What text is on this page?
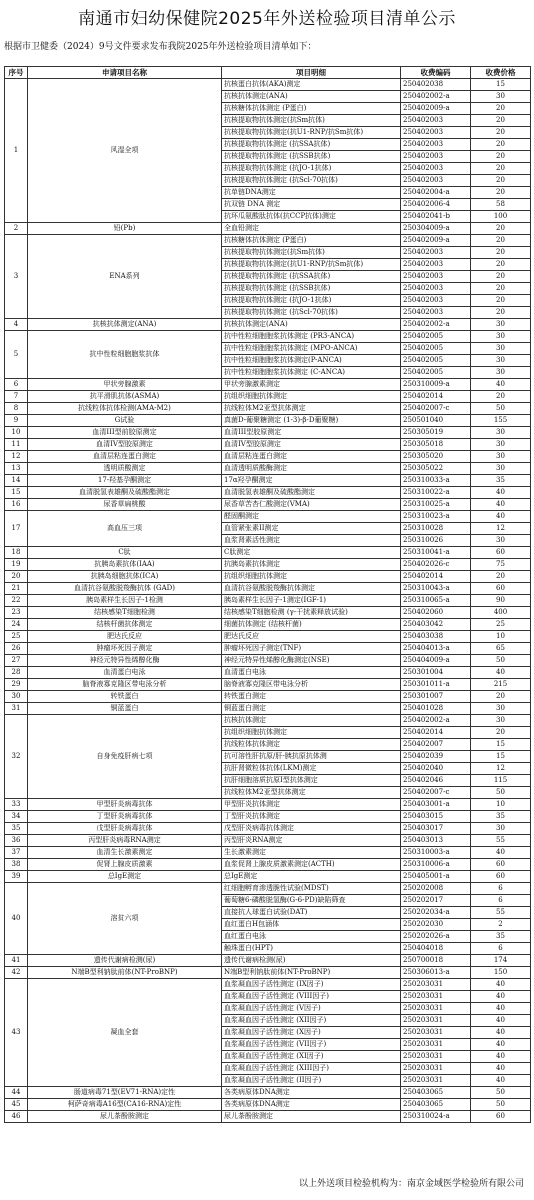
南通市妇幼保健院2025年外送检验项目清单公示
根据市卫健委（2024）9号文件要求发布我院2025年外送检验项目清单如下：
序号	申请项目名称	项目明细	收费编码	收费价格
1	风湿全项	抗核蛋白抗体(AKA)测定	250402038	15
		抗核抗体测定(ANA)	250402002-a	30
		抗核糖体抗体测定 (P蛋白)	250402009-a	20
		抗核提取物抗体测定(抗Sm抗体)	250402003	20
		抗核提取物抗体测定(抗U1-RNP/抗Sm抗体)	250402003	20
		抗核提取物抗体测定 (抗SSA抗体)	250402003	20
		抗核提取物抗体测定 (抗SSB抗体)	250402003	20
		抗核提取物抗体测定 (抗JO-1抗体)	250402003	20
		抗核提取物抗体测定 (抗Scl-70抗体)	250402003	20
		抗单链DNA测定	250402004-a	20
		抗双链 DNA 测定	250402006-4	58
		抗环瓜氨酸肽抗体(抗CCP抗体)测定	250402041-b	100
2	铅(Pb)	全血铅测定	250304009-a	20
3	ENA系列	抗核糖体抗体测定 (P蛋白)	250402009-a	20
		抗核提取物抗体测定(抗Sm抗体)	250402003	20
		抗核提取物抗体测定(抗U1-RNP/抗Sm抗体)	250402003	20
		抗核提取物抗体测定 (抗SSA抗体)	250402003	20
		抗核提取物抗体测定 (抗SSB抗体)	250402003	20
		抗核提取物抗体测定 (抗JO-1抗体)	250402003	20
		抗核提取物抗体测定 (抗Scl-70抗体)	250402003	20
4	抗核抗体测定(ANA)	抗核抗体测定(ANA)	250402002-a	30
5	抗中性粒细胞胞浆抗体	抗中性粒细胞胞浆抗体测定 (PR3-ANCA)	250402005	30
		抗中性粒细胞胞浆抗体测定 (MPO-ANCA)	250402005	30
		抗中性粒细胞胞浆抗体测定(P-ANCA)	250402005	30
		抗中性粒细胞胞浆抗体测定 (C-ANCA)	250402005	30
6	甲状旁腺激素	甲状旁腺激素测定	250310009-a	40
7	抗平滑肌抗体(ASMA)	抗组织细胞抗体测定	250402014	20
8	抗线粒体抗体检测(AMA-M2)	抗线粒体M2亚型抗体测定	250402007-c	50
9	G试验	真菌D-葡聚糖测定 (1-3)-β-D葡聚糖)	250501040	155
10	血清III型前胶原测定	血清III型胶原测定	250305019	30
11	血清IV型胶原测定	血清IV型胶原测定	250305018	30
12	血清层粘连蛋白测定	血清层粘连蛋白测定	250305020	30
13	透明质酸测定	血清透明质酸酶测定	250305022	30
14	17-羟基孕酮测定	17α羟孕酮测定	250310033-a	35
15	血清脱氢表雄酮及硫酸酯测定	血清脱氢表雄酮及硫酸酯测定	250310022-a	40
16	尿香草扁桃酸	尿香草苦杏仁酸测定(VMA)	250310025-a	40
17	高血压三项	醛固酮测定	250310023-a	40
		血管紧张素II测定	250310028	12
		血浆肾素活性测定	250310026	30
18	C肽	C肽测定	250310041-a	60
19	抗胰岛素抗体(IAA)	抗胰岛素抗体测定	250402026-c	75
20	抗胰岛细胞抗体(ICA)	抗组织细胞抗体测定	250402014	20
21	血清抗谷氨酸脱羧酶抗体 (GAD)	血清抗谷氨酸脱羧酶抗体测定	250310043-a	60
22	胰岛素样生长因子-1检测	胰岛素样生长因子-1测定(IGF-1)	250310065-a	90
23	结核感染T细胞检测	结核感染T细胞检测 (γ-干扰素释放试验)	250402060	400
24	结核杆菌抗体测定	细菌抗体测定 (结核杆菌)	250403042	25
25	肥达氏反应	肥达氏反应	250403038	10
26	肿瘤坏死因子测定	肿瘤坏死因子测定(TNF)	250404013-a	65
27	神经元特异性烯醇化酶	神经元特异性烯醇化酶测定(NSE)	250404009-a	50
28	血清蛋白电泳	血清蛋白电泳	250301004	40
29	脑脊液寡克隆区带电泳分析	脑脊液寡克隆区带电泳分析	250301011-a	215
30	转铁蛋白	转铁蛋白测定	250301007	20
31	铜蓝蛋白	铜蓝蛋白测定	250401028	30
32	自身免疫肝病七项	抗核抗体测定	250402002-a	30
		抗组织细胞抗体测定	250402014	20
		抗线粒体抗体测定	250402007	15
		抗可溶性肝抗原/肝-胰抗原抗体测	250402039	15
		抗肝肾微粒体抗体(LKM)测定	250402040	12
		抗肝细胞溶质抗原I型抗体测定	250402046	115
		抗线粒体M2亚型抗体测定	250402007-c	50
33	甲型肝炎病毒抗体	甲型肝炎抗体测定	250403001-a	10
34	丁型肝炎病毒抗体	丁型肝炎抗体测定	250403015	35
35	戊型肝炎病毒抗体	戊型肝炎病毒抗体测定	250403017	30
36	丙型肝炎病毒RNA测定	丙型肝炎RNA测定	250403013	55
37	血清生长激素测定	生长激素测定	250310003-a	40
38	促肾上腺皮质激素	血浆促肾上腺皮质激素测定(ACTH)	250310006-a	60
39	总IgE测定	总IgE测定	250405001-a	60
40	溶贫六项	红细胞孵育渗透脆性试验(MDST)	250202008	6
		葡萄糖6-磷酸脱氢酶(G-6-PD)缺陷筛查	250202017	6
		直接抗人球蛋白试验(DAT)	250202034-a	55
		血红蛋白H包涵体	250202030	2
		血红蛋白电泳	250202026-a	35
		触珠蛋白(HPT)	250404018	6
41	遗传代谢病检测(尿)	遗传代谢病检测(尿)	250700018	174
42	N端B型利钠肽前体(NT-ProBNP)	N端B型利钠肽前体(NT-ProBNP)	250306013-a	150
43	凝血全套	血浆凝血因子活性测定 (IX因子)	250203031	40
		血浆凝血因子活性测定 (VIII因子)	250203031	40
		血浆凝血因子活性测定 (V因子)	250203031	40
		血浆凝血因子活性测定 (XII因子)	250203031	40
		血浆凝血因子活性测定 (X因子)	250203031	40
		血浆凝血因子活性测定 (VII因子)	250203031	40
		血浆凝血因子活性测定 (XI因子)	250203031	40
		血浆凝血因子活性测定 (XIII因子)	250203031	40
		血浆凝血因子活性测定 (II因子)	250203031	40
44	肠道病毒71型(EV71-RNA)定性	各类病原体DNA测定	250403065	50
45	柯萨奇病毒A16型(CA16-RNA)定性	各类病原体DNA测定	250403065	50
46	尿儿茶酚胺测定	尿儿茶酚胺测定	250310024-a	60
以上外送项目检验机构为：南京金域医学检验所有限公司
